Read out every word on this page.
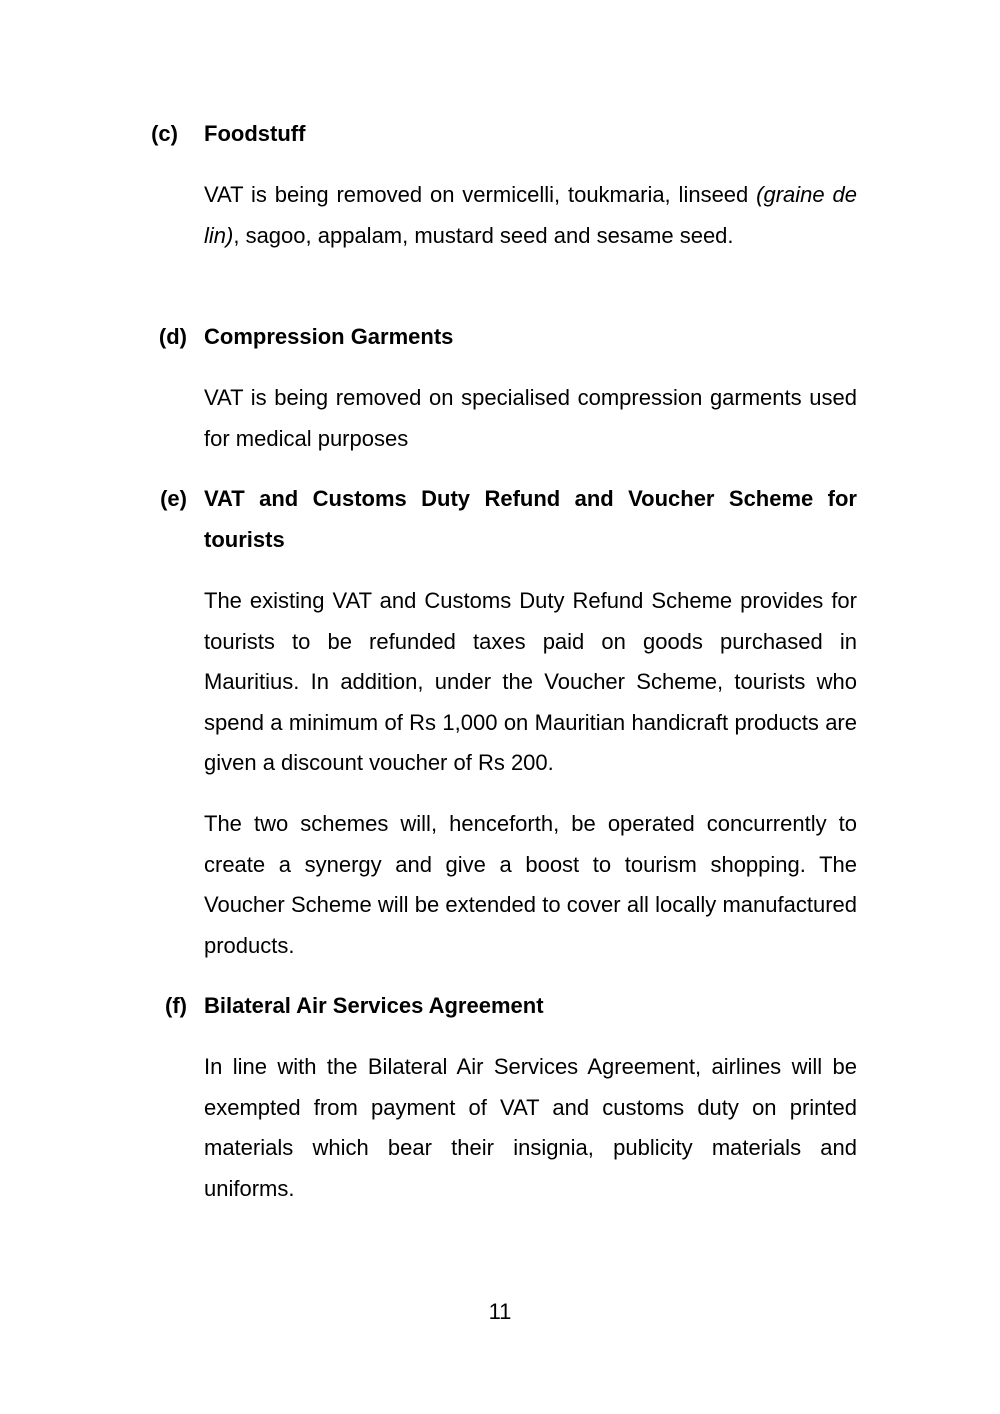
(c) Foodstuff

VAT is being removed on vermicelli, toukmaria, linseed (graine de lin), sagoo, appalam, mustard seed and sesame seed.

(d) Compression Garments

VAT is being removed on specialised compression garments used for medical purposes

(e) VAT and Customs Duty Refund and Voucher Scheme for tourists

The existing VAT and Customs Duty Refund Scheme provides for tourists to be refunded taxes paid on goods purchased in Mauritius. In addition, under the Voucher Scheme, tourists who spend a minimum of Rs 1,000 on Mauritian handicraft products are given a discount voucher of Rs 200.

The two schemes will, henceforth, be operated concurrently to create a synergy and give a boost to tourism shopping. The Voucher Scheme will be extended to cover all locally manufactured products.

(f) Bilateral Air Services Agreement

In line with the Bilateral Air Services Agreement, airlines will be exempted from payment of VAT and customs duty on printed materials which bear their insignia, publicity materials and uniforms.

11
